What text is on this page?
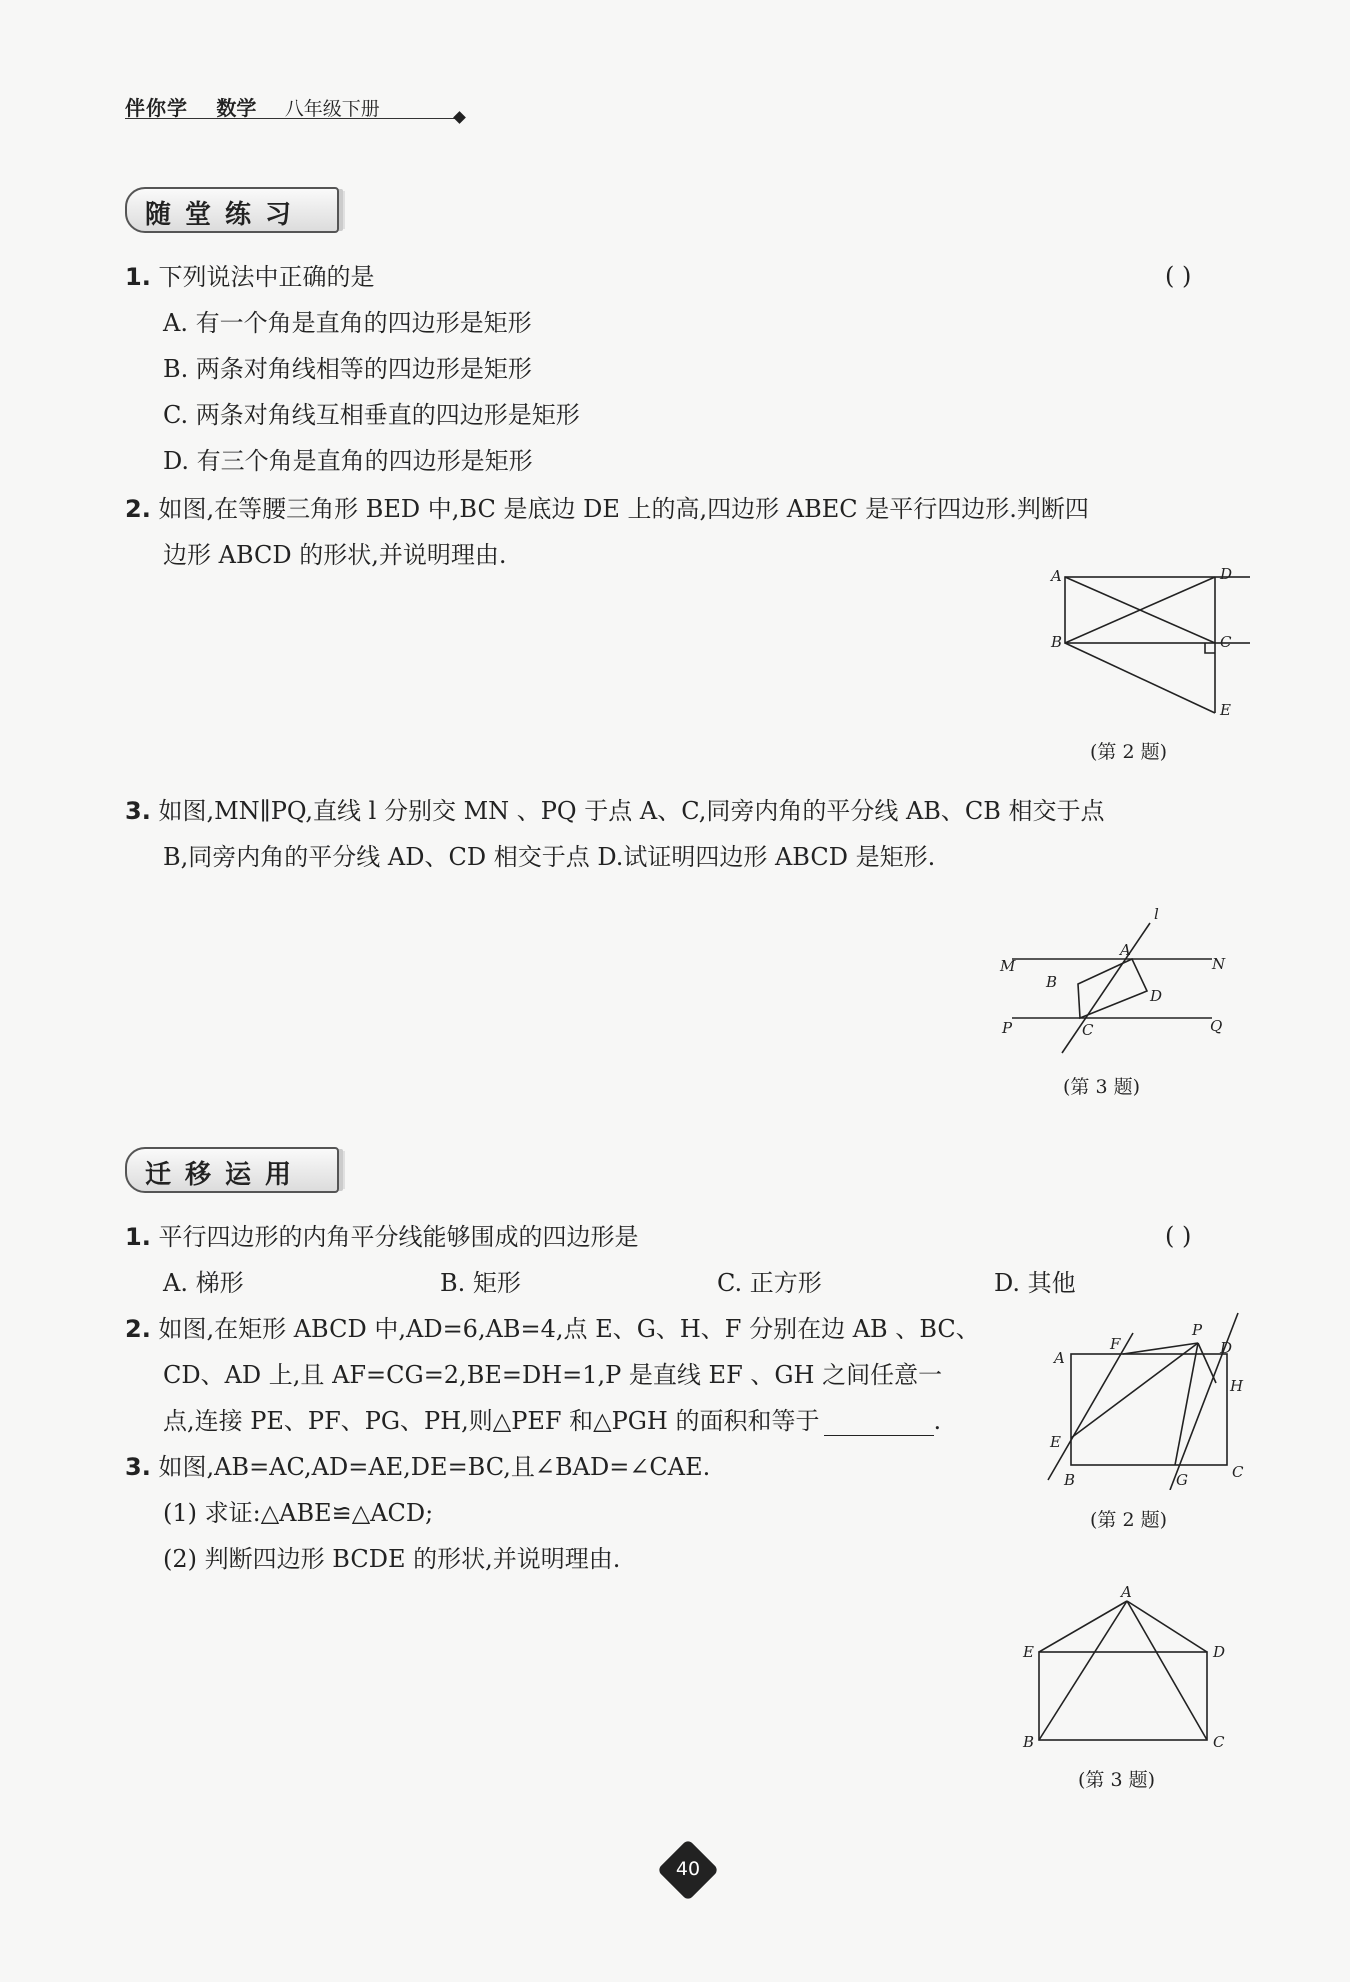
伴你学 数学 八年级下册
随堂练习
1. 下列说法中正确的是	( )
A. 有一个角是直角的四边形是矩形
B. 两条对角线相等的四边形是矩形
C. 两条对角线互相垂直的四边形是矩形
D. 有三个角是直角的四边形是矩形
2. 如图,在等腰三角形 BED 中,BC 是底边 DE 上的高,四边形 ABEC 是平行四边形.判断四
边形 ABCD 的形状,并说明理由.
A	D
B	C
E
(第 2 题)
3. 如图,MN∥PQ,直线 l 分别交 MN 、PQ 于点 A、C,同旁内角的平分线 AB、CB 相交于点
B,同旁内角的平分线 AD、CD 相交于点 D.试证明四边形 ABCD 是矩形.
l
A
M	N
B
D
P	C	Q
(第 3 题)
迁移运用
1. 平行四边形的内角平分线能够围成的四边形是	( )
A. 梯形	B. 矩形	C. 正方形	D. 其他
2. 如图,在矩形 ABCD 中,AD=6,AB=4,点 E、G、H、F 分别在边 AB 、BC、
CD、AD 上,且 AF=CG=2,BE=DH=1,P 是直线 EF 、GH 之间任意一
点,连接 PE、PF、PG、PH,则△PEF 和△PGH 的面积和等于	.
P
F	D
A
H
E
B	G	C
(第 2 题)
3. 如图,AB=AC,AD=AE,DE=BC,且∠BAD=∠CAE.
(1) 求证:△ABE≌△ACD;
(2) 判断四边形 BCDE 的形状,并说明理由.
A
E	D
B	C
(第 3 题)
40
